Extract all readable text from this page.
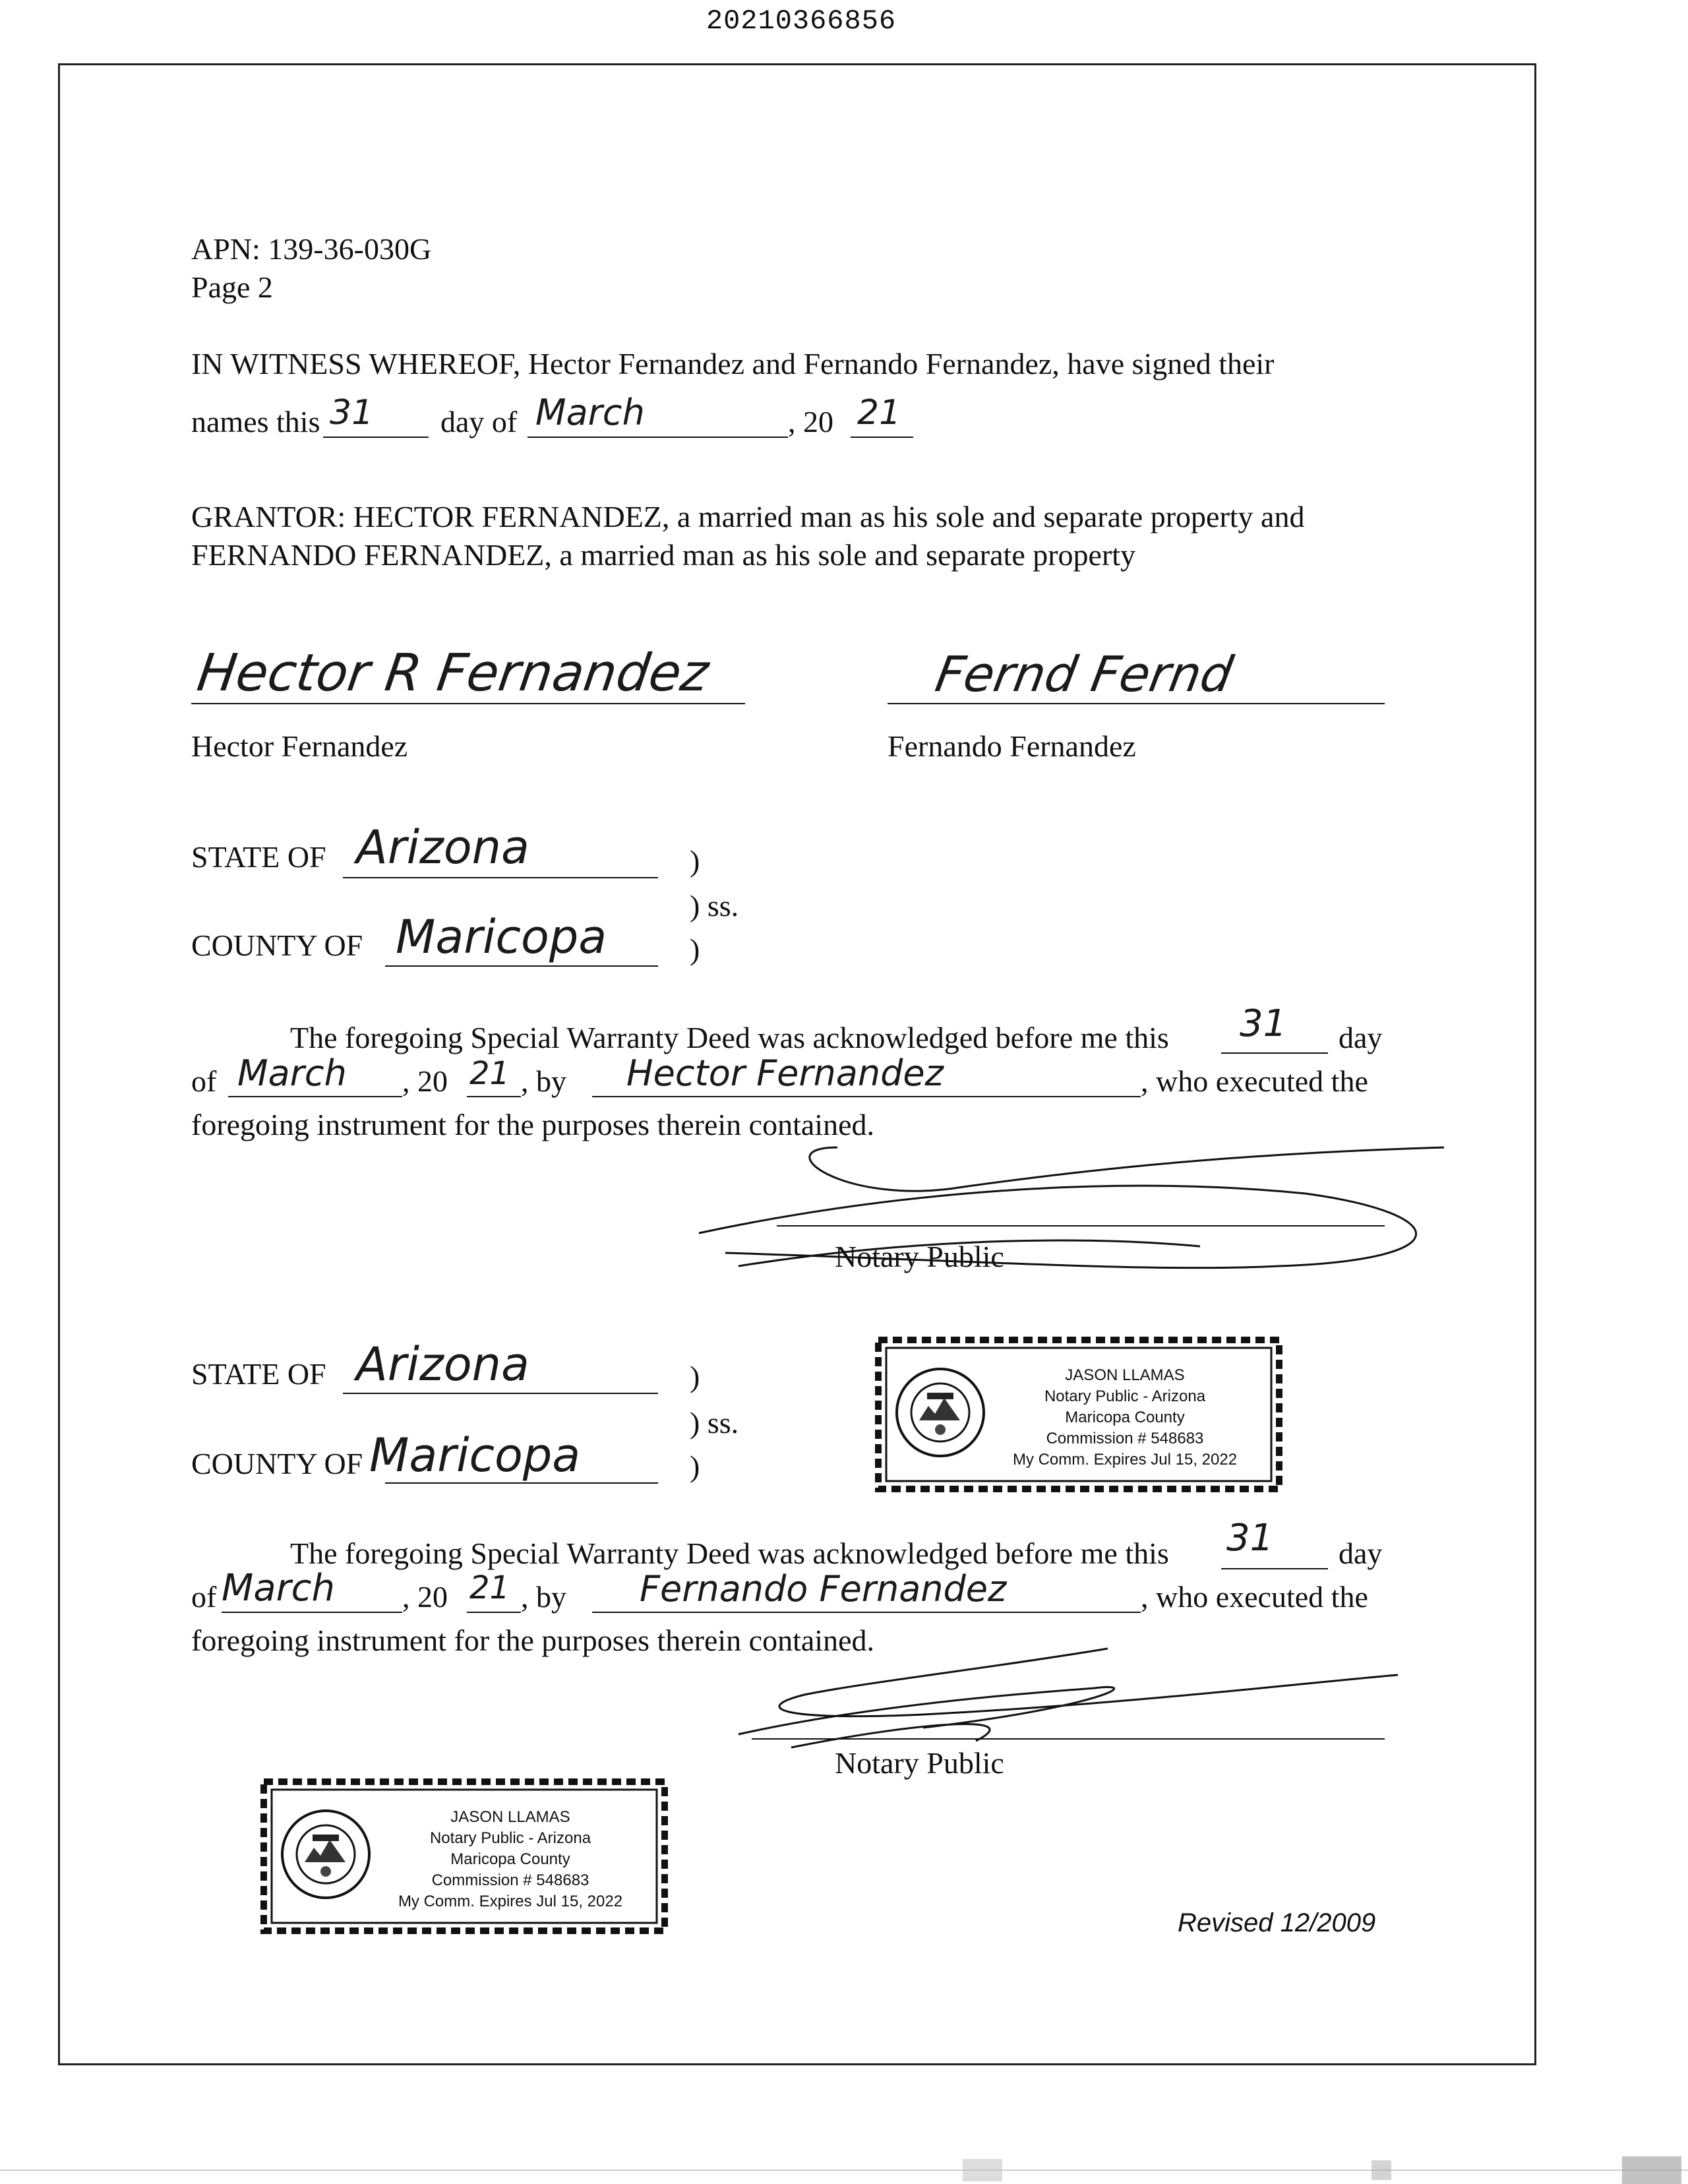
20210366856
APN: 139-36-030G
Page 2
IN WITNESS WHEREOF, Hector Fernandez and Fernando Fernandez, have signed their
names this 31 day of March	, 20 21
GRANTOR: HECTOR FERNANDEZ, a married man as his sole and separate property and
FERNANDO FERNANDEZ, a married man as his sole and separate property
Hector R Fernandez
Hector Fernandez
Fernd Fernd
Fernando Fernandez
STATE OF Arizona	)
) ss.
COUNTY OF Maricopa	)
The foregoing Special Warranty Deed was acknowledged before me this 31 day
of March , 20 21 , by Hector Fernandez	, who executed the
foregoing instrument for the purposes therein contained.
Notary Public
STATE OF Arizona	)
) ss.
COUNTY OF Maricopa	)
JASON LLAMAS
Notary Public - Arizona
Maricopa County
Commission # 548683
My Comm. Expires Jul 15, 2022
The foregoing Special Warranty Deed was acknowledged before me this 31 day
of March , 20 21 , by Fernando Fernandez	, who executed the
foregoing instrument for the purposes therein contained.
Notary Public
JASON LLAMAS
Notary Public - Arizona
Maricopa County
Commission # 548683
My Comm. Expires Jul 15, 2022
Revised 12/2009
